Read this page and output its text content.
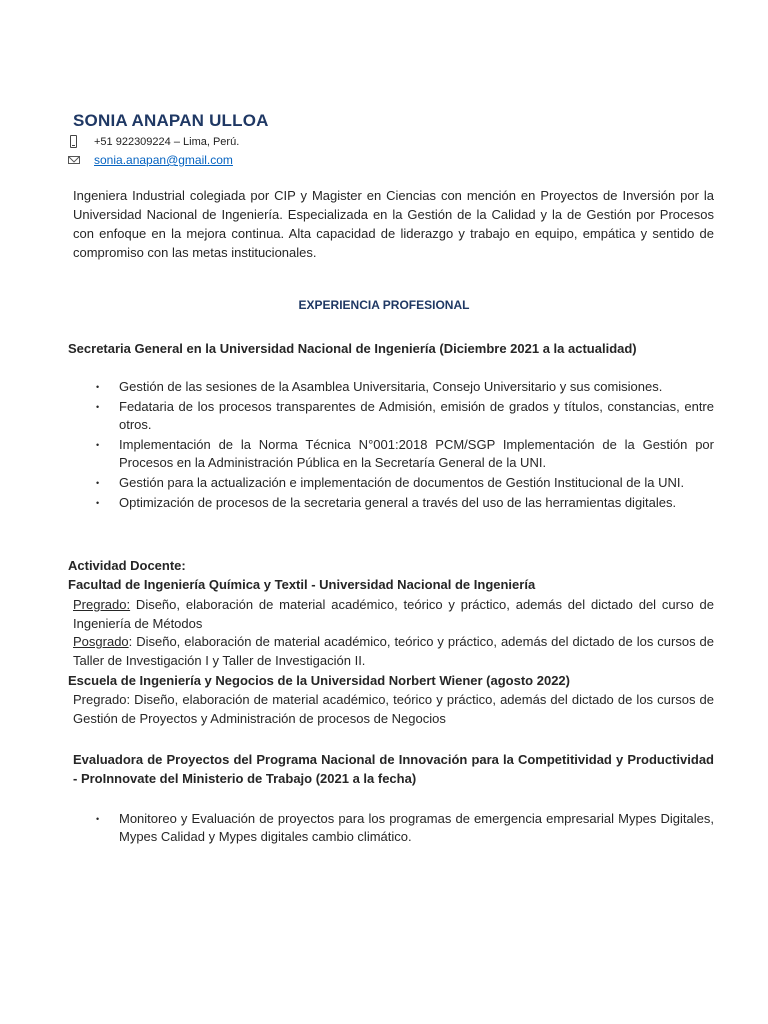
SONIA ANAPAN ULLOA
+51 922309224 – Lima, Perú.
sonia.anapan@gmail.com
Ingeniera Industrial colegiada por CIP y Magister en Ciencias con mención en Proyectos de Inversión por la Universidad Nacional de Ingeniería. Especializada en la Gestión de la Calidad y la de Gestión por Procesos con enfoque en la mejora continua. Alta capacidad de liderazgo y trabajo en equipo, empática y sentido de compromiso con las metas institucionales.
EXPERIENCIA PROFESIONAL
Secretaria General en la Universidad Nacional de Ingeniería (Diciembre 2021 a la actualidad)
• Gestión de las sesiones de la Asamblea Universitaria, Consejo Universitario y sus comisiones.
• Fedataria de los procesos transparentes de Admisión, emisión de grados y títulos, constancias, entre otros.
• Implementación de la Norma Técnica N°001:2018 PCM/SGP Implementación de la Gestión por Procesos en la Administración Pública en la Secretaría General de la UNI.
• Gestión para la actualización e implementación de documentos de Gestión Institucional de la UNI.
• Optimización de procesos de la secretaria general a través del uso de las herramientas digitales.
Actividad Docente:
Facultad de Ingeniería Química y Textil - Universidad Nacional de Ingeniería
Pregrado: Diseño, elaboración de material académico, teórico y práctico, además del dictado del curso de Ingeniería de Métodos
Posgrado: Diseño, elaboración de material académico, teórico y práctico, además del dictado de los cursos de Taller de Investigación I y Taller de Investigación II.
Escuela de Ingeniería y Negocios de la Universidad Norbert Wiener (agosto 2022)
Pregrado: Diseño, elaboración de material académico, teórico y práctico, además del dictado de los cursos de Gestión de Proyectos y Administración de procesos de Negocios
Evaluadora de Proyectos del Programa Nacional de Innovación para la Competitividad y Productividad - ProInnovate del Ministerio de Trabajo (2021 a la fecha)
• Monitoreo y Evaluación de proyectos para los programas de emergencia empresarial Mypes Digitales, Mypes Calidad y Mypes digitales cambio climático.
